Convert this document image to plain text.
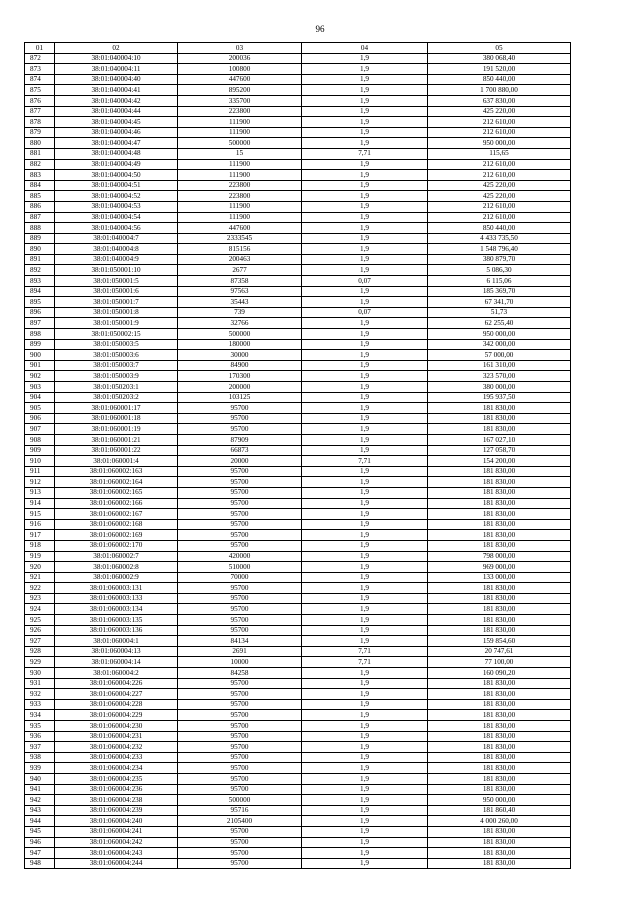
96
01	02	03	04	05
872	38:01:040004:10	200036	1,9	380 068,40
873	38:01:040004:11	100800	1,9	191 520,00
874	38:01:040004:40	447600	1,9	850 440,00
875	38:01:040004:41	895200	1,9	1 700 880,00
876	38:01:040004:42	335700	1,9	637 830,00
877	38:01:040004:44	223800	1,9	425 220,00
878	38:01:040004:45	111900	1,9	212 610,00
879	38:01:040004:46	111900	1,9	212 610,00
880	38:01:040004:47	500000	1,9	950 000,00
881	38:01:040004:48	15	7,71	115,65
882	38:01:040004:49	111900	1,9	212 610,00
883	38:01:040004:50	111900	1,9	212 610,00
884	38:01:040004:51	223800	1,9	425 220,00
885	38:01:040004:52	223800	1,9	425 220,00
886	38:01:040004:53	111900	1,9	212 610,00
887	38:01:040004:54	111900	1,9	212 610,00
888	38:01:040004:56	447600	1,9	850 440,00
889	38:01:040004:7	2333545	1,9	4 433 735,50
890	38:01:040004:8	815156	1,9	1 548 796,40
891	38:01:040004:9	200463	1,9	380 879,70
892	38:01:050001:10	2677	1,9	5 086,30
893	38:01:050001:5	87358	0,07	6 115,06
894	38:01:050001:6	97563	1,9	185 369,70
895	38:01:050001:7	35443	1,9	67 341,70
896	38:01:050001:8	739	0,07	51,73
897	38:01:050001:9	32766	1,9	62 255,40
898	38:01:050002:15	500000	1,9	950 000,00
899	38:01:050003:5	180000	1,9	342 000,00
900	38:01:050003:6	30000	1,9	57 000,00
901	38:01:050003:7	84900	1,9	161 310,00
902	38:01:050003:9	170300	1,9	323 570,00
903	38:01:050203:1	200000	1,9	380 000,00
904	38:01:050203:2	103125	1,9	195 937,50
905	38:01:060001:17	95700	1,9	181 830,00
906	38:01:060001:18	95700	1,9	181 830,00
907	38:01:060001:19	95700	1,9	181 830,00
908	38:01:060001:21	87909	1,9	167 027,10
909	38:01:060001:22	66873	1,9	127 058,70
910	38:01:060001:4	20000	7,71	154 200,00
911	38:01:060002:163	95700	1,9	181 830,00
912	38:01:060002:164	95700	1,9	181 830,00
913	38:01:060002:165	95700	1,9	181 830,00
914	38:01:060002:166	95700	1,9	181 830,00
915	38:01:060002:167	95700	1,9	181 830,00
916	38:01:060002:168	95700	1,9	181 830,00
917	38:01:060002:169	95700	1,9	181 830,00
918	38:01:060002:170	95700	1,9	181 830,00
919	38:01:060002:7	420000	1,9	798 000,00
920	38:01:060002:8	510000	1,9	969 000,00
921	38:01:060002:9	70000	1,9	133 000,00
922	38:01:060003:131	95700	1,9	181 830,00
923	38:01:060003:133	95700	1,9	181 830,00
924	38:01:060003:134	95700	1,9	181 830,00
925	38:01:060003:135	95700	1,9	181 830,00
926	38:01:060003:136	95700	1,9	181 830,00
927	38:01:060004:1	84134	1,9	159 854,60
928	38:01:060004:13	2691	7,71	20 747,61
929	38:01:060004:14	10000	7,71	77 100,00
930	38:01:060004:2	84258	1,9	160 090,20
931	38:01:060004:226	95700	1,9	181 830,00
932	38:01:060004:227	95700	1,9	181 830,00
933	38:01:060004:228	95700	1,9	181 830,00
934	38:01:060004:229	95700	1,9	181 830,00
935	38:01:060004:230	95700	1,9	181 830,00
936	38:01:060004:231	95700	1,9	181 830,00
937	38:01:060004:232	95700	1,9	181 830,00
938	38:01:060004:233	95700	1,9	181 830,00
939	38:01:060004:234	95700	1,9	181 830,00
940	38:01:060004:235	95700	1,9	181 830,00
941	38:01:060004:236	95700	1,9	181 830,00
942	38:01:060004:238	500000	1,9	950 000,00
943	38:01:060004:239	95716	1,9	181 860,40
944	38:01:060004:240	2105400	1,9	4 000 260,00
945	38:01:060004:241	95700	1,9	181 830,00
946	38:01:060004:242	95700	1,9	181 830,00
947	38:01:060004:243	95700	1,9	181 830,00
948	38:01:060004:244	95700	1,9	181 830,00
